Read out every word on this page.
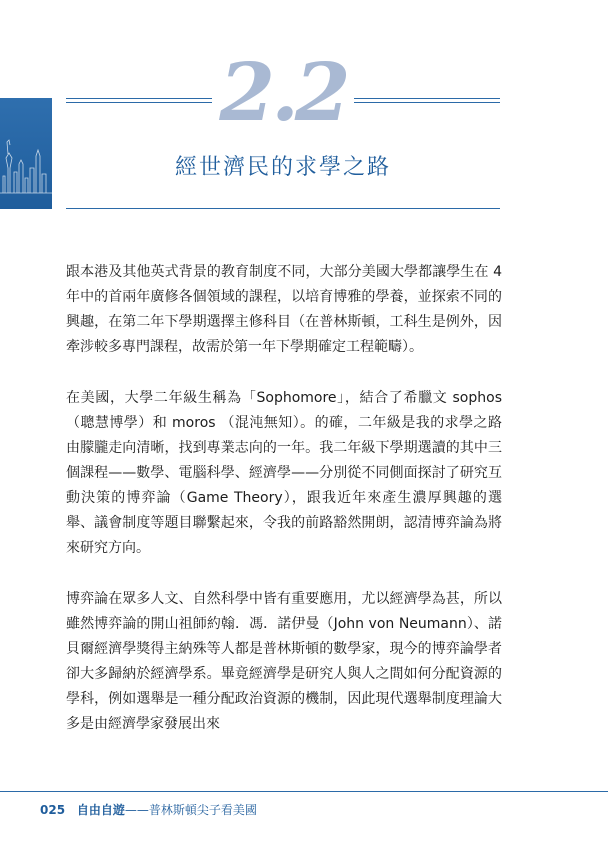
2.2
經世濟民的求學之路

跟本港及其他英式背景的教育制度不同，大部分美國大學都讓學生在 4 年中的首兩年廣修各個領域的課程，以培育博雅的學養，並探索不同的興趣，在第二年下學期選擇主修科目（在普林斯頓，工科生是例外，因牽涉較多專門課程，故需於第一年下學期確定工程範疇）。

在美國，大學二年級生稱為「Sophomore」，結合了希臘文 sophos （聰慧博學）和 moros （混沌無知）。的確，二年級是我的求學之路由朦朧走向清晰，找到專業志向的一年。我二年級下學期選讀的其中三個課程——數學、電腦科學、經濟學——分別從不同側面探討了研究互動決策的博弈論（Game Theory），跟我近年來產生濃厚興趣的選舉、議會制度等題目聯繫起來，令我的前路豁然開朗，認清博弈論為將來研究方向。

博弈論在眾多人文、自然科學中皆有重要應用，尤以經濟學為甚，所以雖然博弈論的開山祖師約翰．馮．諾伊曼（John von Neumann）、諾貝爾經濟學獎得主納殊等人都是普林斯頓的數學家，現今的博弈論學者卻大多歸納於經濟學系。畢竟經濟學是研究人與人之間如何分配資源的學科，例如選舉是一種分配政治資源的機制，因此現代選舉制度理論大多是由經濟學家發展出來

025 自由自遊——普林斯頓尖子看美國
